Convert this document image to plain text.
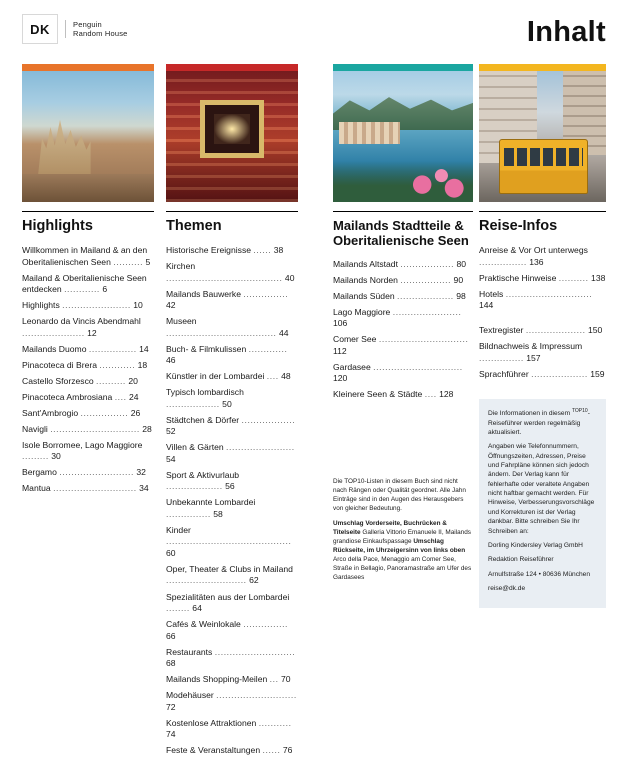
DK	Penguin
Random House	Inhalt
Highlights
Willkommen in Mailand & an den Oberitalienischen Seen .......... 5
Mailand & Oberitalienische Seen entdecken ............ 6
Highlights ....................... 10
Leonardo da Vincis Abendmahl ..................... 12
Mailands Duomo ................ 14
Pinacoteca di Brera ............ 18
Castello Sforzesco .......... 20
Pinacoteca Ambrosiana .... 24
Sant'Ambrogio ................ 26
Navigli .............................. 28
Isole Borromee, Lago Maggiore ......... 30
Bergamo ......................... 32
Mantua ............................ 34
Themen
Historische Ereignisse ...... 38
Kirchen ....................................... 40
Mailands Bauwerke ............... 42
Museen ..................................... 44
Buch- & Filmkulissen ............. 46
Künstler in der Lombardei .... 48
Typisch lombardisch .................. 50
Städtchen & Dörfer .................. 52
Villen & Gärten ....................... 54
Sport & Aktivurlaub ................... 56
Unbekannte Lombardei ............... 58
Kinder .......................................... 60
Oper, Theater & Clubs in Mailand ........................... 62
Spezialitäten aus der Lombardei ........ 64
Cafés & Weinlokale ............... 66
Restaurants ........................... 68
Mailands Shopping-Meilen ... 70
Modehäuser ........................... 72
Kostenlose Attraktionen ........... 74
Feste & Veranstaltungen ...... 76
Mailands Stadtteile & Oberitalienische Seen
Mailands Altstadt .................. 80
Mailands Norden ................. 90
Mailands Süden ................... 98
Lago Maggiore ....................... 106
Comer See .............................. 112
Gardasee .............................. 120
Kleinere Seen & Städte .... 128
Reise-Infos
Anreise & Vor Ort unterwegs ................ 136
Praktische Hinweise .......... 138
Hotels ............................. 144
Textregister .................... 150
Bildnachweis & Impressum ............... 157
Sprachführer ................... 159

Die TOP10-Listen in diesem Buch sind nicht nach Rängen oder Qualität geordnet. Alle Jahn Einträge sind in den Augen des Herausgebers von gleicher Bedeutung.

Umschlag Vorderseite, Buchrücken & Titelseite Galleria Vittorio Emanuele II, Mailands grandiose Einkaufspassage Umschlag Rückseite, im Uhrzeigersinn von links oben Arco della Pace, Menaggio am Comer See, Straße in Bellagio, Panoramastraße am Ufer des Gardasees

Die Informationen in diesem $^{TOP10}$-Reiseführer werden regelmäßig aktualisiert.

Angaben wie Telefonnummern, Öffnungszeiten, Adressen, Preise und Fahrpläne können sich jedoch ändern. Der Verlag kann für fehlerhafte oder veraltete Angaben nicht haftbar gemacht werden. Für Hinweise, Verbesserungsvorschläge und Korrekturen ist der Verlag dankbar. Bitte schreiben Sie Ihr Schreiben an:

Dorling Kindersley Verlag GmbH

Redaktion Reiseführer

Arnulfstraße 124 • 80636 München

reise@dk.de
